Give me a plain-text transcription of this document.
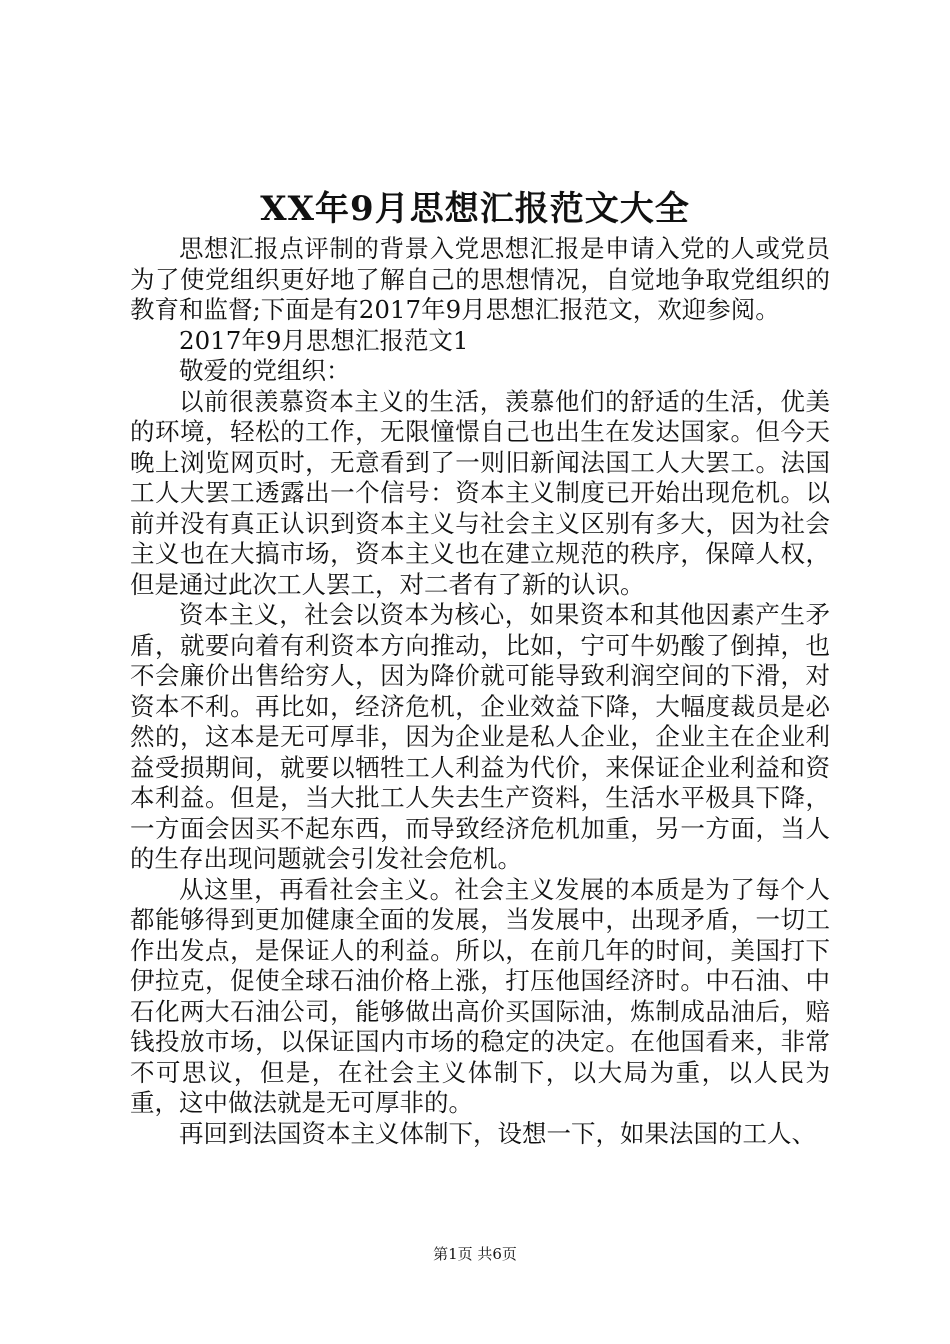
XX年9月思想汇报范文大全

思想汇报点评制的背景入党思想汇报是申请入党的人或党员为了使党组织更好地了解自己的思想情况，自觉地争取党组织的教育和监督;下面是有2017年9月思想汇报范文，欢迎参阅。

2017年9月思想汇报范文1

敬爱的党组织：

以前很羡慕资本主义的生活，羡慕他们的舒适的生活，优美的环境，轻松的工作，无限憧憬自己也出生在发达国家。但今天晚上浏览网页时，无意看到了一则旧新闻法国工人大罢工。法国工人大罢工透露出一个信号：资本主义制度已开始出现危机。以前并没有真正认识到资本主义与社会主义区别有多大，因为社会主义也在大搞市场，资本主义也在建立规范的秩序，保障人权，但是通过此次工人罢工，对二者有了新的认识。

资本主义，社会以资本为核心，如果资本和其他因素产生矛盾，就要向着有利资本方向推动，比如，宁可牛奶酸了倒掉，也不会廉价出售给穷人，因为降价就可能导致利润空间的下滑，对资本不利。再比如，经济危机，企业效益下降，大幅度裁员是必然的，这本是无可厚非，因为企业是私人企业，企业主在企业利益受损期间，就要以牺牲工人利益为代价，来保证企业利益和资本利益。但是，当大批工人失去生产资料，生活水平极具下降，一方面会因买不起东西，而导致经济危机加重，另一方面，当人的生存出现问题就会引发社会危机。

从这里，再看社会主义。社会主义发展的本质是为了每个人都能够得到更加健康全面的发展，当发展中，出现矛盾，一切工作出发点，是保证人的利益。所以，在前几年的时间，美国打下伊拉克，促使全球石油价格上涨，打压他国经济时。中石油、中石化两大石油公司，能够做出高价买国际油，炼制成品油后，赔钱投放市场，以保证国内市场的稳定的决定。在他国看来，非常不可思议，但是，在社会主义体制下，以大局为重，以人民为重，这中做法就是无可厚非的。

再回到法国资本主义体制下，设想一下，如果法国的工人、

第1页 共6页
